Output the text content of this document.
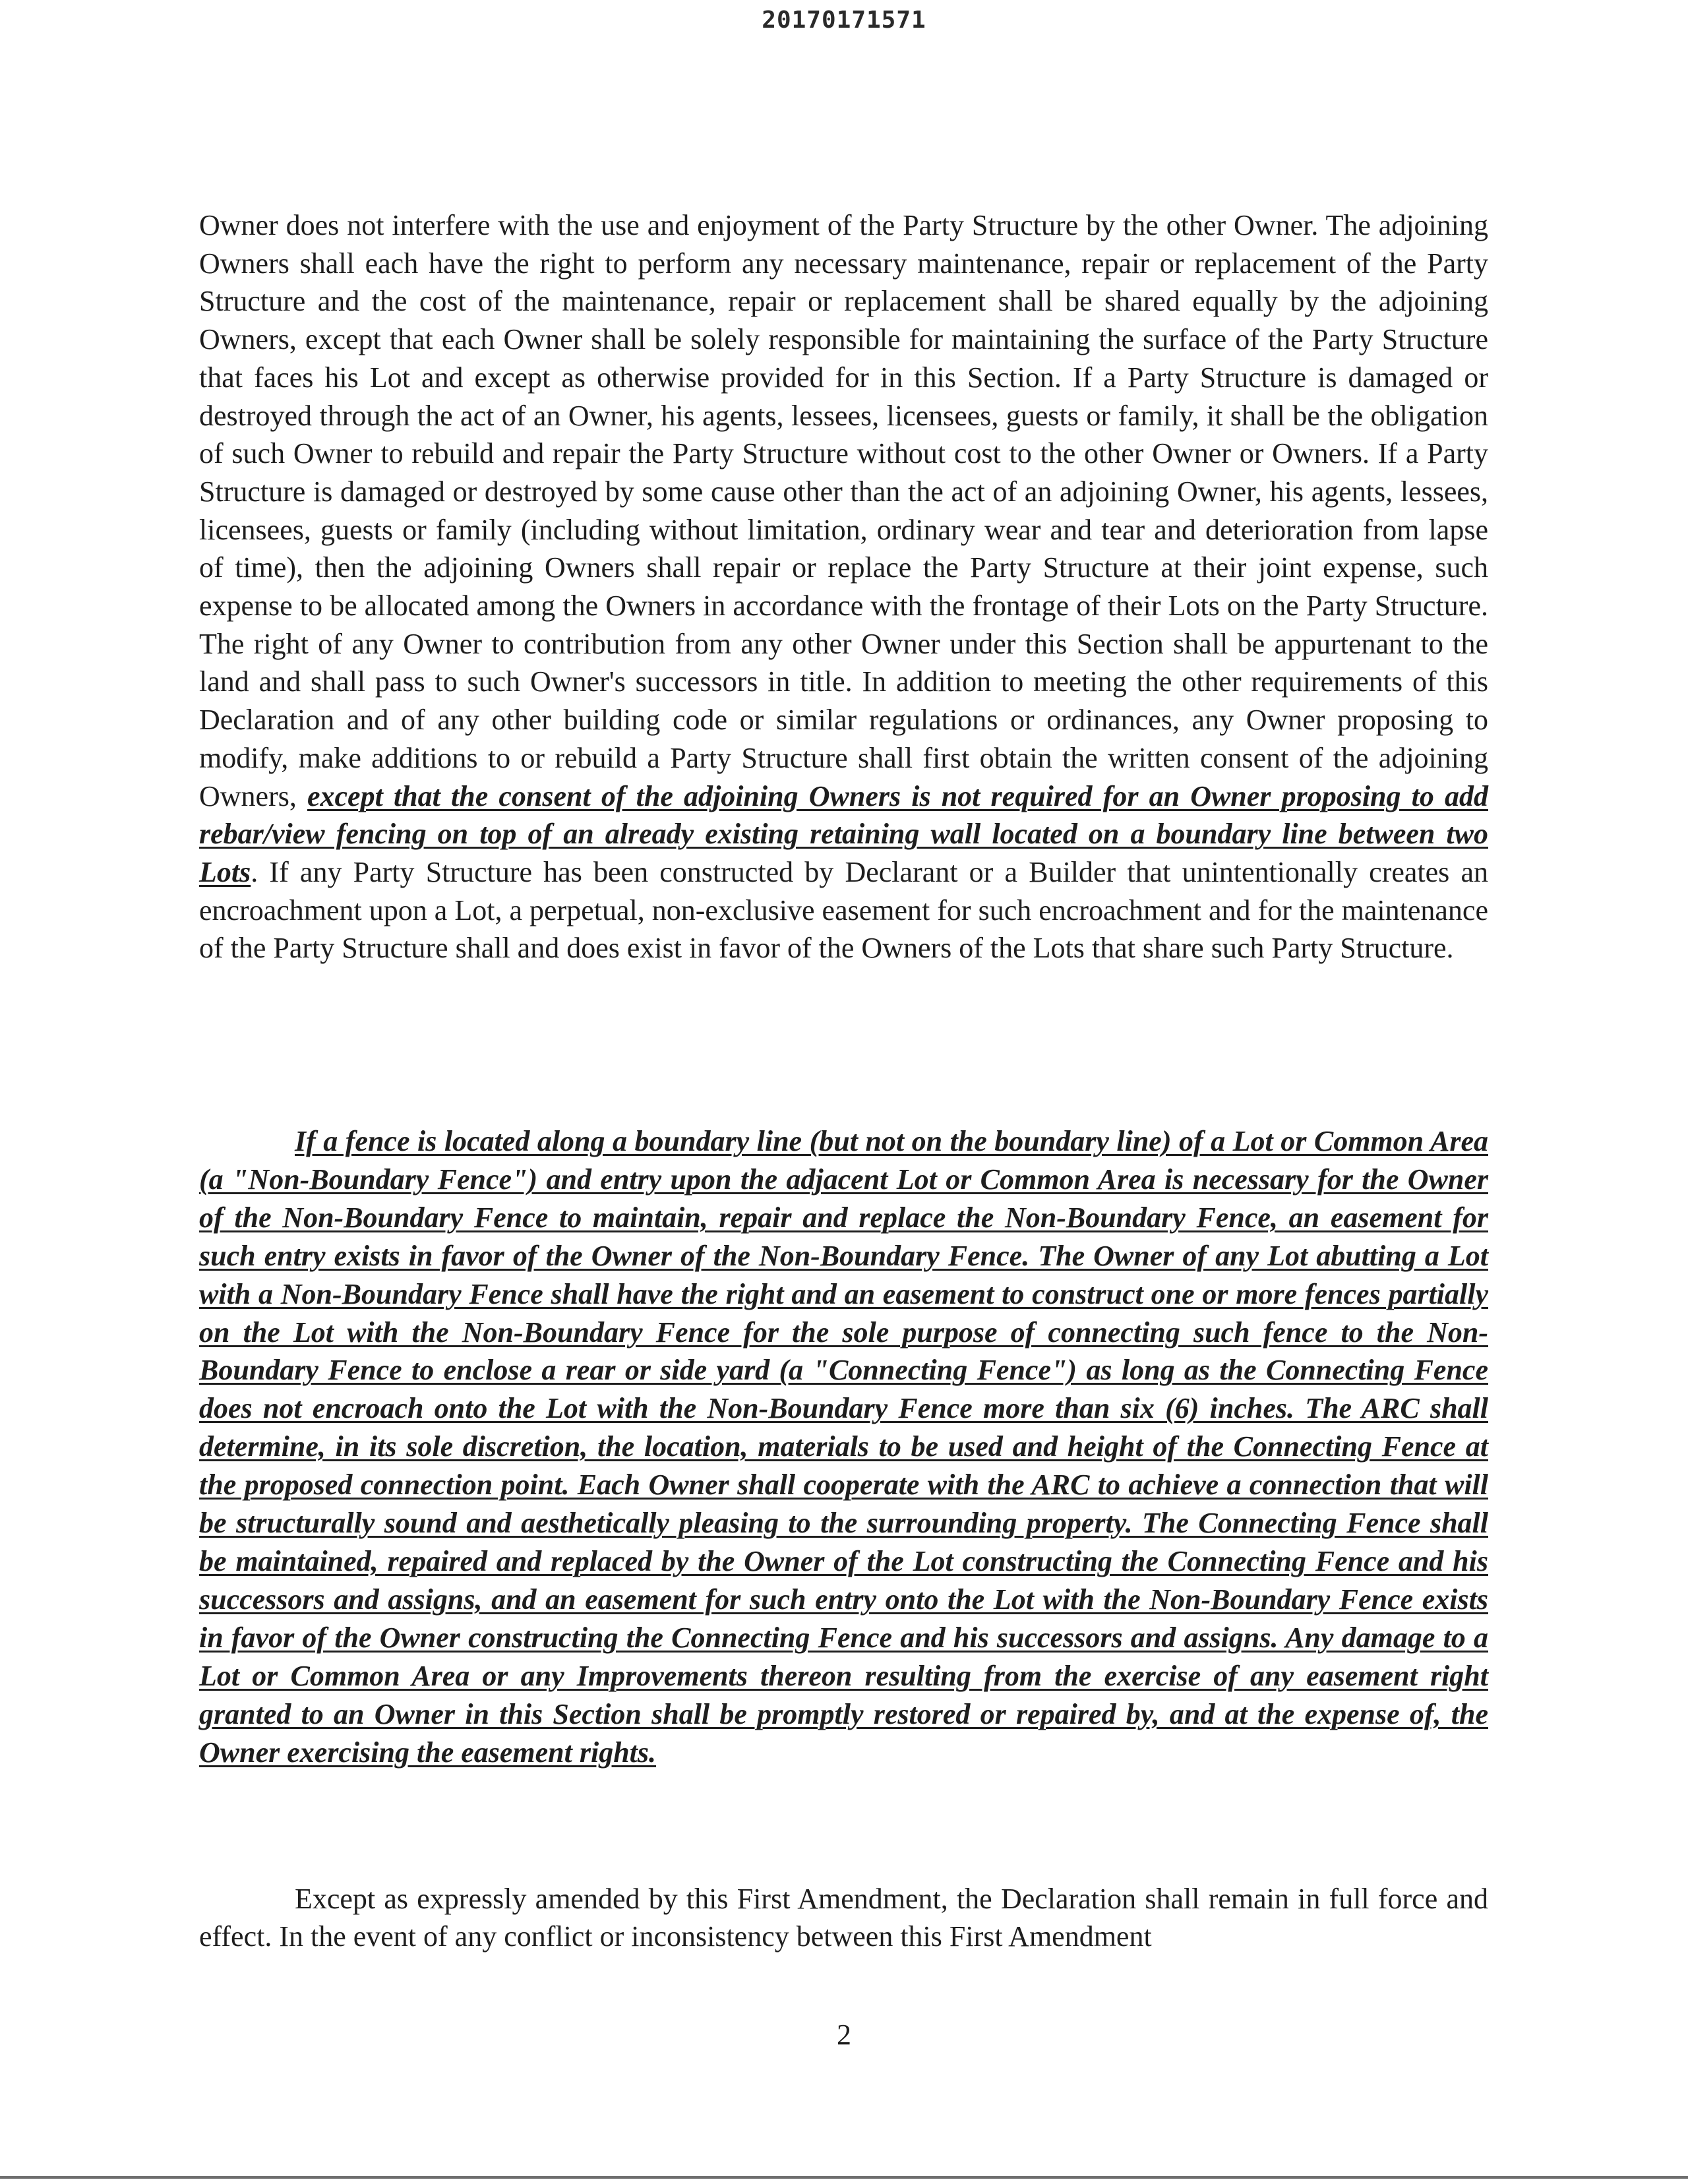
20170171571

Owner does not interfere with the use and enjoyment of the Party Structure by the other Owner. The adjoining Owners shall each have the right to perform any necessary maintenance, repair or replacement of the Party Structure and the cost of the maintenance, repair or replacement shall be shared equally by the adjoining Owners, except that each Owner shall be solely responsible for maintaining the surface of the Party Structure that faces his Lot and except as otherwise provided for in this Section. If a Party Structure is damaged or destroyed through the act of an Owner, his agents, lessees, licensees, guests or family, it shall be the obligation of such Owner to rebuild and repair the Party Structure without cost to the other Owner or Owners. If a Party Structure is damaged or destroyed by some cause other than the act of an adjoining Owner, his agents, lessees, licensees, guests or family (including without limitation, ordinary wear and tear and deterioration from lapse of time), then the adjoining Owners shall repair or replace the Party Structure at their joint expense, such expense to be allocated among the Owners in accordance with the frontage of their Lots on the Party Structure. The right of any Owner to contribution from any other Owner under this Section shall be appurtenant to the land and shall pass to such Owner's successors in title. In addition to meeting the other requirements of this Declaration and of any other building code or similar regulations or ordinances, any Owner proposing to modify, make additions to or rebuild a Party Structure shall first obtain the written consent of the adjoining Owners, except that the consent of the adjoining Owners is not required for an Owner proposing to add rebar/view fencing on top of an already existing retaining wall located on a boundary line between two Lots. If any Party Structure has been constructed by Declarant or a Builder that unintentionally creates an encroachment upon a Lot, a perpetual, non-exclusive easement for such encroachment and for the maintenance of the Party Structure shall and does exist in favor of the Owners of the Lots that share such Party Structure.

If a fence is located along a boundary line (but not on the boundary line) of a Lot or Common Area (a "Non-Boundary Fence") and entry upon the adjacent Lot or Common Area is necessary for the Owner of the Non-Boundary Fence to maintain, repair and replace the Non-Boundary Fence, an easement for such entry exists in favor of the Owner of the Non-Boundary Fence. The Owner of any Lot abutting a Lot with a Non-Boundary Fence shall have the right and an easement to construct one or more fences partially on the Lot with the Non-Boundary Fence for the sole purpose of connecting such fence to the Non-Boundary Fence to enclose a rear or side yard (a "Connecting Fence") as long as the Connecting Fence does not encroach onto the Lot with the Non-Boundary Fence more than six (6) inches. The ARC shall determine, in its sole discretion, the location, materials to be used and height of the Connecting Fence at the proposed connection point. Each Owner shall cooperate with the ARC to achieve a connection that will be structurally sound and aesthetically pleasing to the surrounding property. The Connecting Fence shall be maintained, repaired and replaced by the Owner of the Lot constructing the Connecting Fence and his successors and assigns, and an easement for such entry onto the Lot with the Non-Boundary Fence exists in favor of the Owner constructing the Connecting Fence and his successors and assigns. Any damage to a Lot or Common Area or any Improvements thereon resulting from the exercise of any easement right granted to an Owner in this Section shall be promptly restored or repaired by, and at the expense of, the Owner exercising the easement rights.

Except as expressly amended by this First Amendment, the Declaration shall remain in full force and effect. In the event of any conflict or inconsistency between this First Amendment

2
